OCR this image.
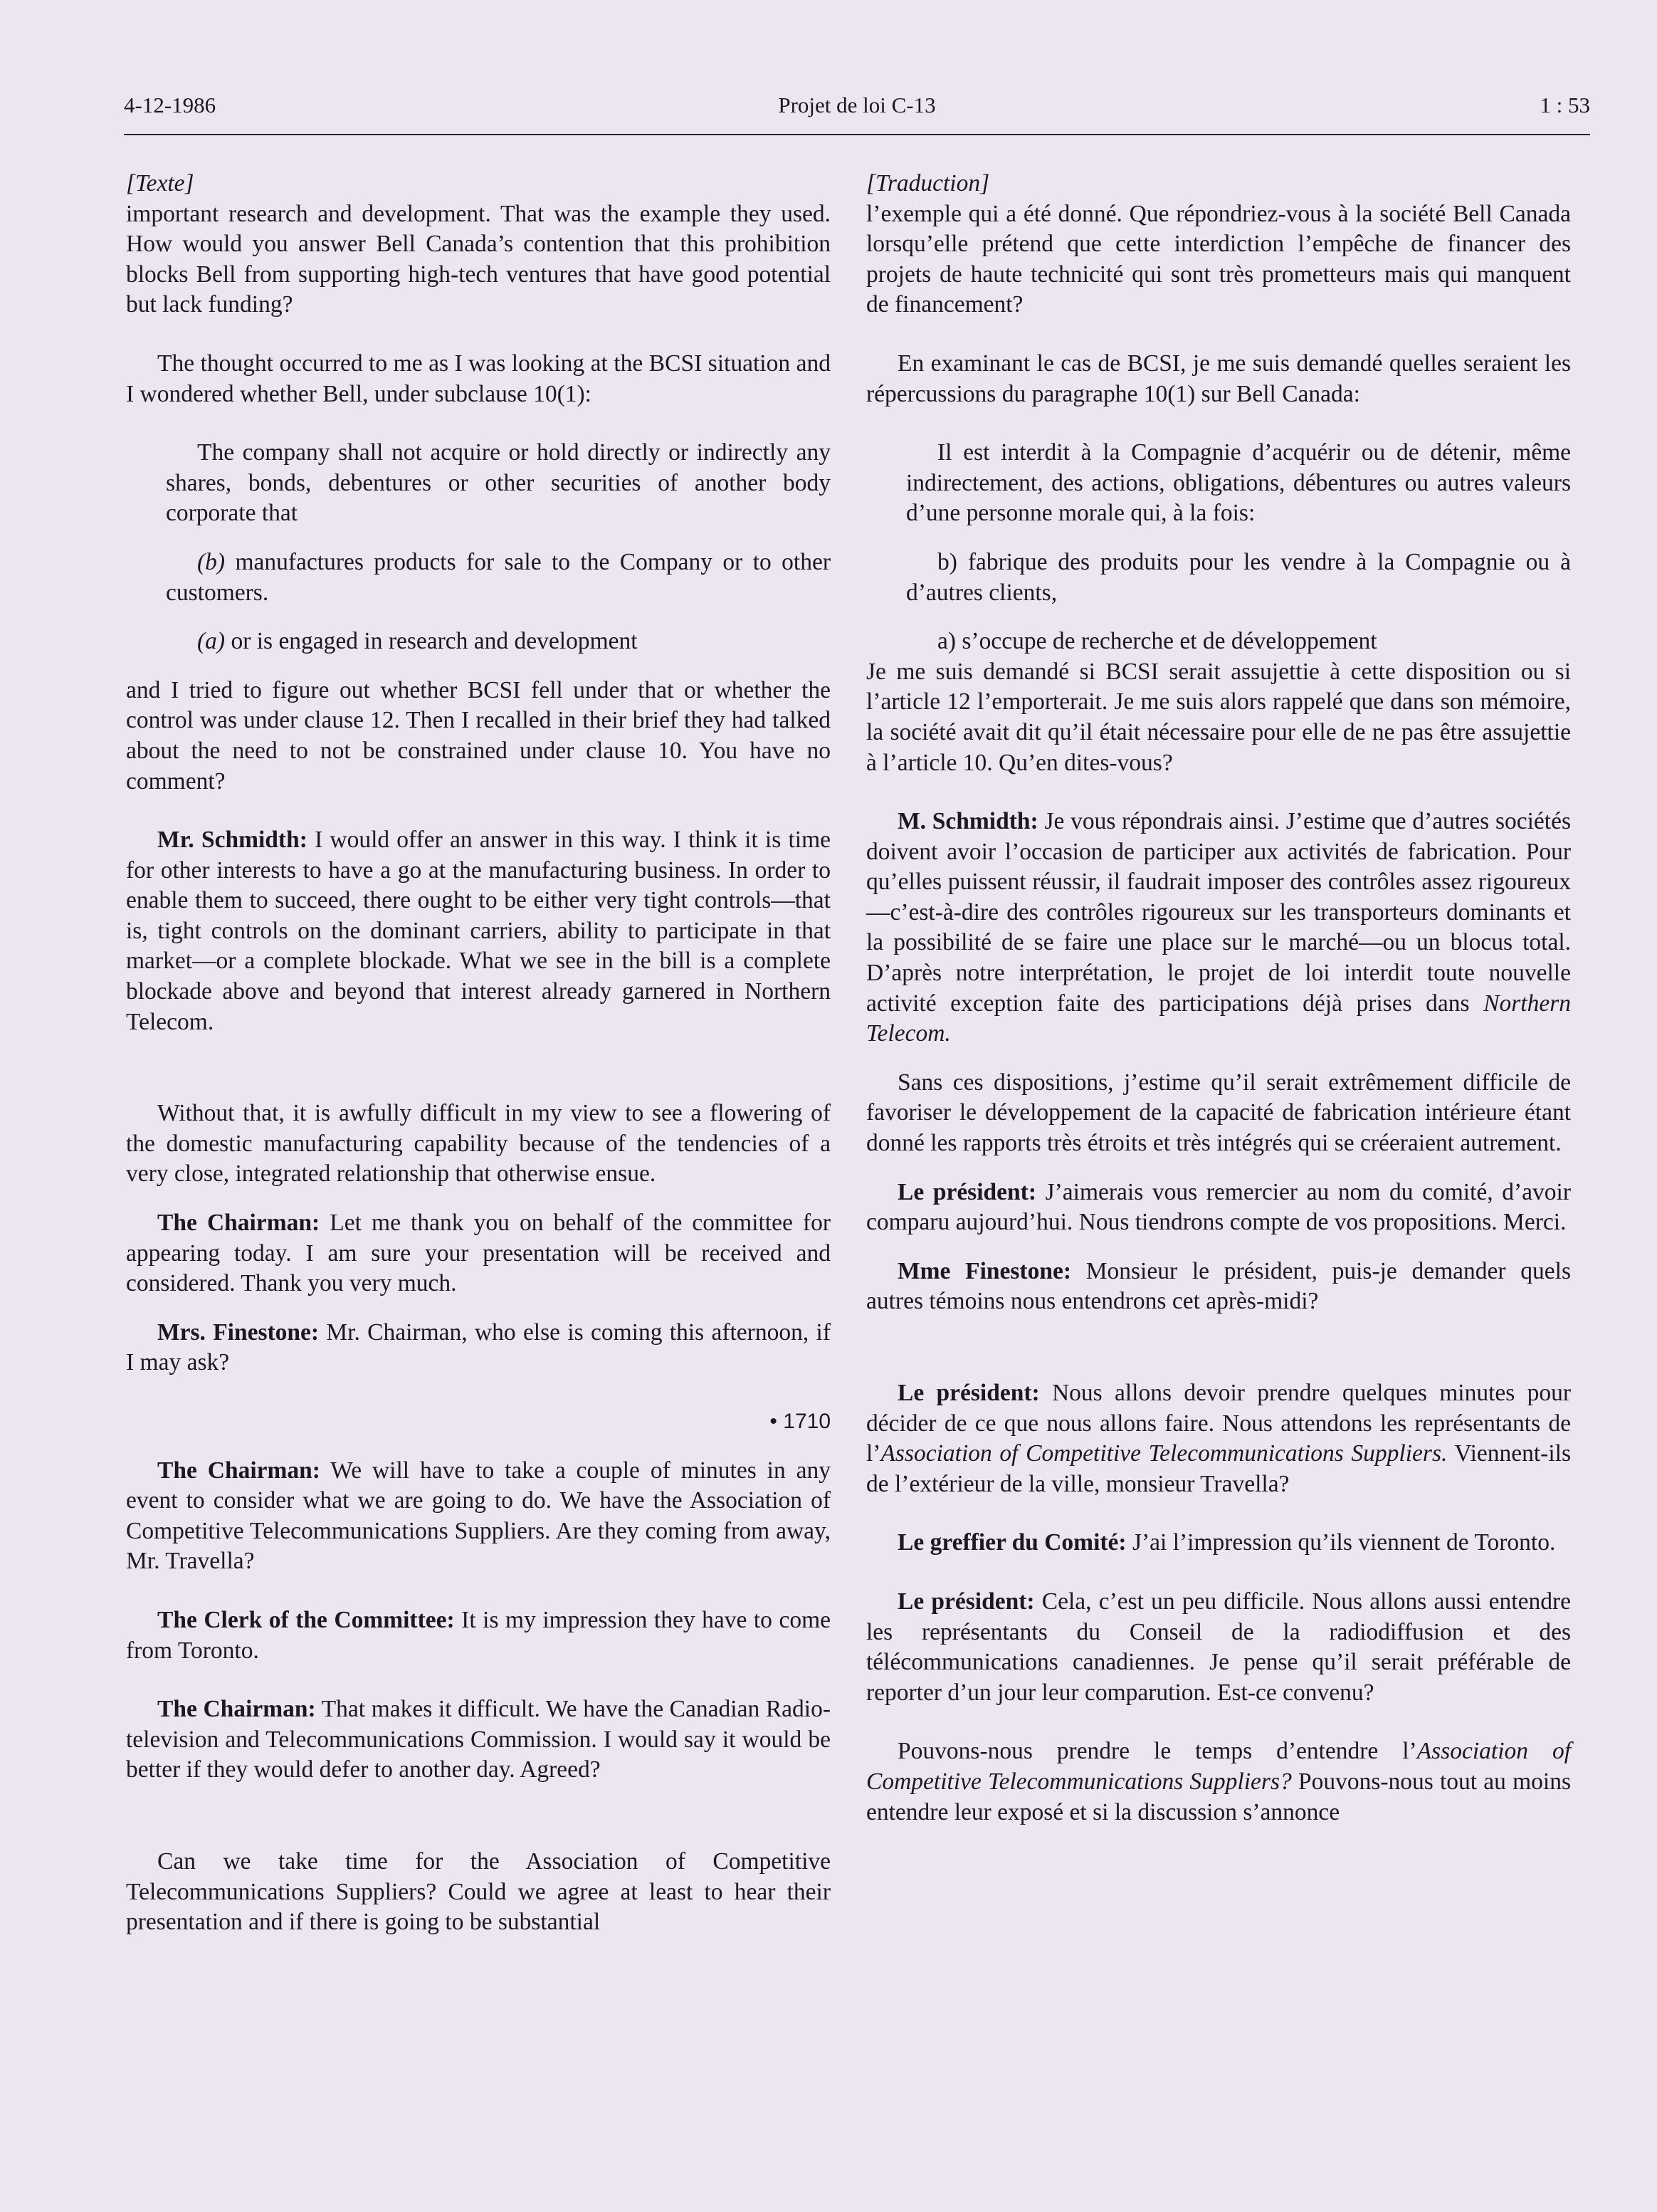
4-12-1986	Projet de loi C-13	1 : 53

[Texte]

important research and development. That was the example they used. How would you answer Bell Canada’s contention that this prohibition blocks Bell from supporting high-tech ventures that have good potential but lack funding?

The thought occurred to me as I was looking at the BCSI situation and I wondered whether Bell, under subclause 10(1):

The company shall not acquire or hold directly or indirectly any shares, bonds, debentures or other securities of another body corporate that

(b) manufactures products for sale to the Company or to other customers.

(a) or is engaged in research and development

and I tried to figure out whether BCSI fell under that or whether the control was under clause 12. Then I recalled in their brief they had talked about the need to not be constrained under clause 10. You have no comment?

Mr. Schmidth: I would offer an answer in this way. I think it is time for other interests to have a go at the manufacturing business. In order to enable them to succeed, there ought to be either very tight controls—that is, tight controls on the dominant carriers, ability to participate in that market—or a complete blockade. What we see in the bill is a complete blockade above and beyond that interest already garnered in Northern Telecom.

Without that, it is awfully difficult in my view to see a flowering of the domestic manufacturing capability because of the tendencies of a very close, integrated relationship that otherwise ensue.

The Chairman: Let me thank you on behalf of the committee for appearing today. I am sure your presentation will be received and considered. Thank you very much.

Mrs. Finestone: Mr. Chairman, who else is coming this afternoon, if I may ask?

• 1710

The Chairman: We will have to take a couple of minutes in any event to consider what we are going to do. We have the Association of Competitive Telecommunications Suppliers. Are they coming from away, Mr. Travella?

The Clerk of the Committee: It is my impression they have to come from Toronto.

The Chairman: That makes it difficult. We have the Canadian Radio-television and Telecommunications Commission. I would say it would be better if they would defer to another day. Agreed?

Can we take time for the Association of Competitive Telecommunications Suppliers? Could we agree at least to hear their presentation and if there is going to be substantial

[Traduction]

l’exemple qui a été donné. Que répondriez-vous à la société Bell Canada lorsqu’elle prétend que cette interdiction l’empêche de financer des projets de haute technicité qui sont très prometteurs mais qui manquent de financement?

En examinant le cas de BCSI, je me suis demandé quelles seraient les répercussions du paragraphe 10(1) sur Bell Canada:

Il est interdit à la Compagnie d’acquérir ou de détenir, même indirectement, des actions, obligations, débentures ou autres valeurs d’une personne morale qui, à la fois:

b) fabrique des produits pour les vendre à la Compagnie ou à d’autres clients,

a) s’occupe de recherche et de développement

Je me suis demandé si BCSI serait assujettie à cette disposition ou si l’article 12 l’emporterait. Je me suis alors rappelé que dans son mémoire, la société avait dit qu’il était nécessaire pour elle de ne pas être assujettie à l’article 10. Qu’en dites-vous?

M. Schmidth: Je vous répondrais ainsi. J’estime que d’autres sociétés doivent avoir l’occasion de participer aux activités de fabrication. Pour qu’elles puissent réussir, il faudrait imposer des contrôles assez rigoureux—c’est-à-dire des contrôles rigoureux sur les transporteurs dominants et la possibilité de se faire une place sur le marché—ou un blocus total. D’après notre interprétation, le projet de loi interdit toute nouvelle activité exception faite des participations déjà prises dans Northern Telecom.

Sans ces dispositions, j’estime qu’il serait extrêmement difficile de favoriser le développement de la capacité de fabrication intérieure étant donné les rapports très étroits et très intégrés qui se créeraient autrement.

Le président: J’aimerais vous remercier au nom du comité, d’avoir comparu aujourd’hui. Nous tiendrons compte de vos propositions. Merci.

Mme Finestone: Monsieur le président, puis-je demander quels autres témoins nous entendrons cet après-midi?

Le président: Nous allons devoir prendre quelques minutes pour décider de ce que nous allons faire. Nous attendons les représentants de l’Association of Competitive Telecommunications Suppliers. Viennent-ils de l’extérieur de la ville, monsieur Travella?

Le greffier du Comité: J’ai l’impression qu’ils viennent de Toronto.

Le président: Cela, c’est un peu difficile. Nous allons aussi entendre les représentants du Conseil de la radiodiffusion et des télécommunications canadiennes. Je pense qu’il serait préférable de reporter d’un jour leur comparution. Est-ce convenu?

Pouvons-nous prendre le temps d’entendre l’Association of Competitive Telecommunications Suppliers? Pouvons-nous tout au moins entendre leur exposé et si la discussion s’annonce
